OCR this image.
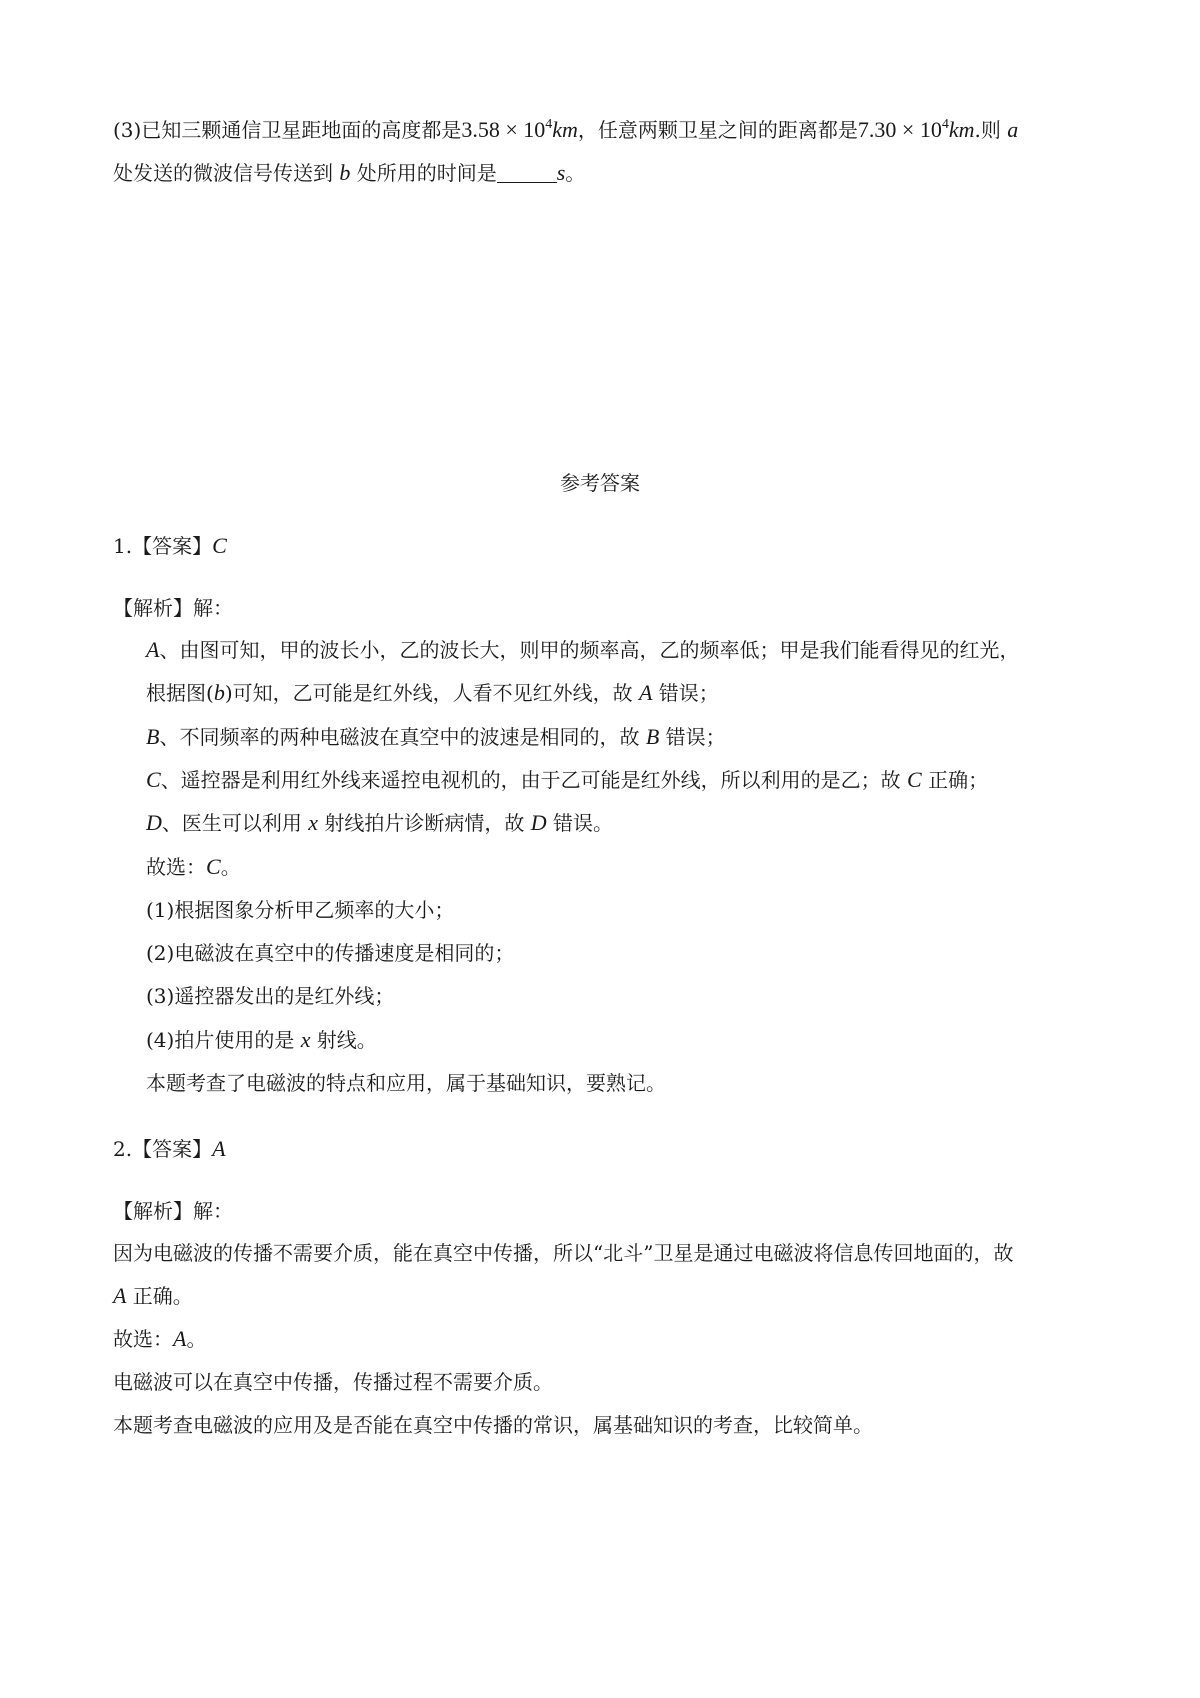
(3)已知三颗通信卫星距地面的高度都是$3.58 \times 10^4km$，任意两颗卫星之间的距离都是$7.30 \times 10^4km$.则 a
处发送的微波信号传送到 b 处所用的时间是	s。
参考答案
1.【答案】C
【解析】解：
A、由图可知，甲的波长小，乙的波长大，则甲的频率高，乙的频率低；甲是我们能看得见的红光，
根据图(b)可知，乙可能是红外线，人看不见红外线，故 A 错误；
B、不同频率的两种电磁波在真空中的波速是相同的，故 B 错误；
C、遥控器是利用红外线来遥控电视机的，由于乙可能是红外线，所以利用的是乙；故 C 正确；
D、医生可以利用 x 射线拍片诊断病情，故 D 错误。
故选：C。
(1)根据图象分析甲乙频率的大小；
(2)电磁波在真空中的传播速度是相同的；
(3)遥控器发出的是红外线；
(4)拍片使用的是 x 射线。
本题考查了电磁波的特点和应用，属于基础知识，要熟记。
2.【答案】A
【解析】解：
因为电磁波的传播不需要介质，能在真空中传播，所以“北斗”卫星是通过电磁波将信息传回地面的，故
A 正确。
故选：A。
电磁波可以在真空中传播，传播过程不需要介质。
本题考查电磁波的应用及是否能在真空中传播的常识，属基础知识的考查，比较简单。
